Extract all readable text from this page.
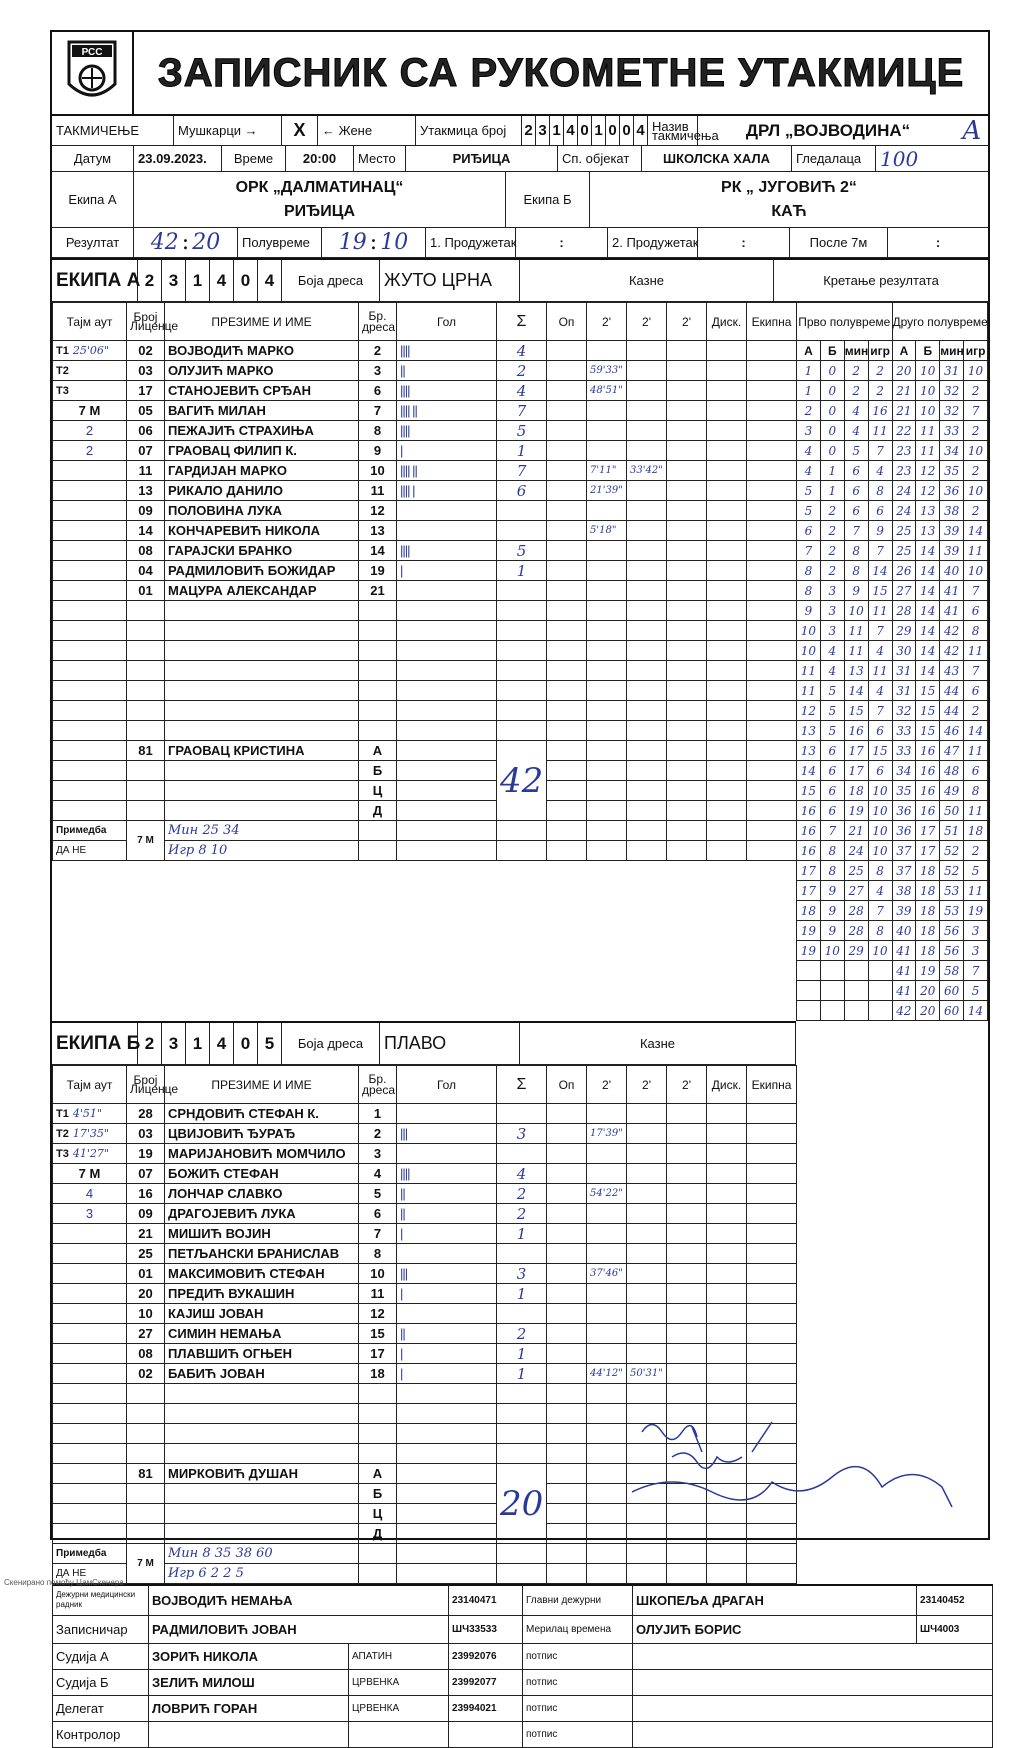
РСС	ЗАПИСНИК СА РУКОМЕТНЕ УТАКМИЦЕ
ТАКМИЧЕЊЕ	Мушкарци →	X	← Жене	Утакмица број	2 3 1 4 0 1 0 0 4 Назив такмичења	ДРЛ „ВОЈВОДИНА“	А
Датум	23.09.2023.	Време	20:00	Место	РИЂИЦА	Сп. објекат	ШКОЛСКА ХАЛА	Гледалаца 100
Екипа А
ОРК „ДАЛМАТИНАЦ“
РИЂИЦА
Екипа Б
РК „ ЈУГОВИЋ 2“
КАЋ
Резултат	42 : 20	Полувреме	19 : 10	1. Продужетак	:	2. Продужетак	:	После 7м	:
ЕКИПА А 2 3 1 4 0 4	Боја дреса	ЖУТО ЦРНА	Казне	Кретање резултата
Тајм аут	Број Лиценце	ПРЕЗИМЕ И ИМЕ	Бр. дреса	Гол	Σ	Оп	2'	2'	2'	Диск.	Екипна
T1 25'06"	02	ВОЈВОДИЋ МАРКО	2	||||	4						
T2	03	ОЛУЈИЋ МАРКО	3	||	2		59'33"				
T3	17	СТАНОЈЕВИЋ СРЂАН	6	||||	4		48'51"				
7 М	05	ВАГИЋ МИЛАН	7	|||| ||	7						
2	06	ПЕЖАЈИЋ СТРАХИЊА	8	||||	5						
2	07	ГРАОВАЦ ФИЛИП К.	9	|	1						
	11	ГАРДИЈАН МАРКО	10	|||| ||	7		7'11"	33'42"			
	13	РИКАЛО ДАНИЛО	11	|||| |	6		21'39"				
	09	ПОЛОВИНА ЛУКА	12								
	14	КОНЧАРЕВИЋ НИКОЛА	13				5'18"				
	08	ГАРАЈСКИ БРАНКО	14	||||	5						
	04	РАДМИЛОВИЋ БОЖИДАР	19	|	1						
	01	МАЦУРА АЛЕКСАНДАР	21								

	81	ГРАОВАЦ КРИСТИНА	А		42						
			Б								
			Ц								
			Д								
Примедба	7 М	Мин 25 34									
ДА НЕ		Игр 8 10									
Прво полувреме				Друго полувреме			
А	Б	мин	игр	А	Б	мин	игр
1	0	2	2	20	10	31	10
1	0	2	2	21	10	32	2
2	0	4	16	21	10	32	7
3	0	4	11	22	11	33	2
4	0	5	7	23	11	34	10
4	1	6	4	23	12	35	2
5	1	6	8	24	12	36	10
5	2	6	6	24	13	38	2
6	2	7	9	25	13	39	14
7	2	8	7	25	14	39	11
8	2	8	14	26	14	40	10
8	3	9	15	27	14	41	7
9	3	10	11	28	14	41	6
10	3	11	7	29	14	42	8
10	4	11	4	30	14	42	11
11	4	13	11	31	14	43	7
11	5	14	4	31	15	44	6
12	5	15	7	32	15	44	2
13	5	16	6	33	15	46	14
13	6	17	15	33	16	47	11
14	6	17	6	34	16	48	6
15	6	18	10	35	16	49	8
16	6	19	10	36	16	50	11
16	7	21	10	36	17	51	18
16	8	24	10	37	17	52	2
17	8	25	8	37	18	52	5
17	9	27	4	38	18	53	11
18	9	28	7	39	18	53	19
19	9	28	8	40	18	56	3
19	10	29	10	41	18	56	3
				41	19	58	7
				41	20	60	5
				42	20	60	14
ЕКИПА Б 2 3 1 4 0 5	Боја дреса	ПЛАВО	Казне
Тајм аут	Број Лиценце	ПРЕЗИМЕ И ИМЕ	Бр. дреса	Гол	Σ	Оп	2'	2'	2'	Диск.	Екипна
T1 4'51"	28	СРНДОВИЋ СТЕФАН К.	1								
T2 17'35"	03	ЦВИЈОВИЋ ЂУРАЂ	2	|||	3		17'39"				
T3 41'27"	19	МАРИЈАНОВИЋ МОМЧИЛО	3								
7 М	07	БОЖИЋ СТЕФАН	4	||||	4						
4	16	ЛОНЧАР СЛАВКО	5	||	2		54'22"				
3	09	ДРАГОЈЕВИЋ ЛУКА	6	||	2						
	21	МИШИЋ ВОЈИН	7	|	1						
	25	ПЕТЉАНСКИ БРАНИСЛАВ	8								
	01	МАКСИМОВИЋ СТЕФАН	10	|||	3		37'46"				
	20	ПРЕДИЋ ВУКАШИН	11	|	1						
	10	КАЈИШ ЈОВАН	12								
	27	СИМИН НЕМАЊА	15	||	2						
	08	ПЛАВШИЋ ОГЊЕН	17	|	1						
	02	БАБИЋ ЈОВАН	18	|	1		44'12"	50'31"			

	81	МИРКОВИЋ ДУШАН	А		20						
			Б								
			Ц								
			Д								
Примедба	7 М	Мин 8 35 38 60									
ДА НЕ		Игр 6 2 2 5									
Дежурни медицински радник	ВОЈВОДИЋ НЕМАЊА		23140471	Главни дежурни	ШКОПЕЉА ДРАГАН	23140452
Записничар	РАДМИЛОВИЋ ЈОВАН		ШЧ33533	Мерилац времена	ОЛУЈИЋ БОРИС	ШЧ4003
Судија А	ЗОРИЋ НИКОЛА	АПАТИН	23992076	потпис		
Судија Б	ЗЕЛИЋ МИЛОШ	ЦРВЕНКА	23992077	потпис		
Делегат	ЛОВРИЋ ГОРАН	ЦРВЕНКА	23994021	потпис		
Контролор				потпис		
Скенирано помоћу ЦамСкенера
